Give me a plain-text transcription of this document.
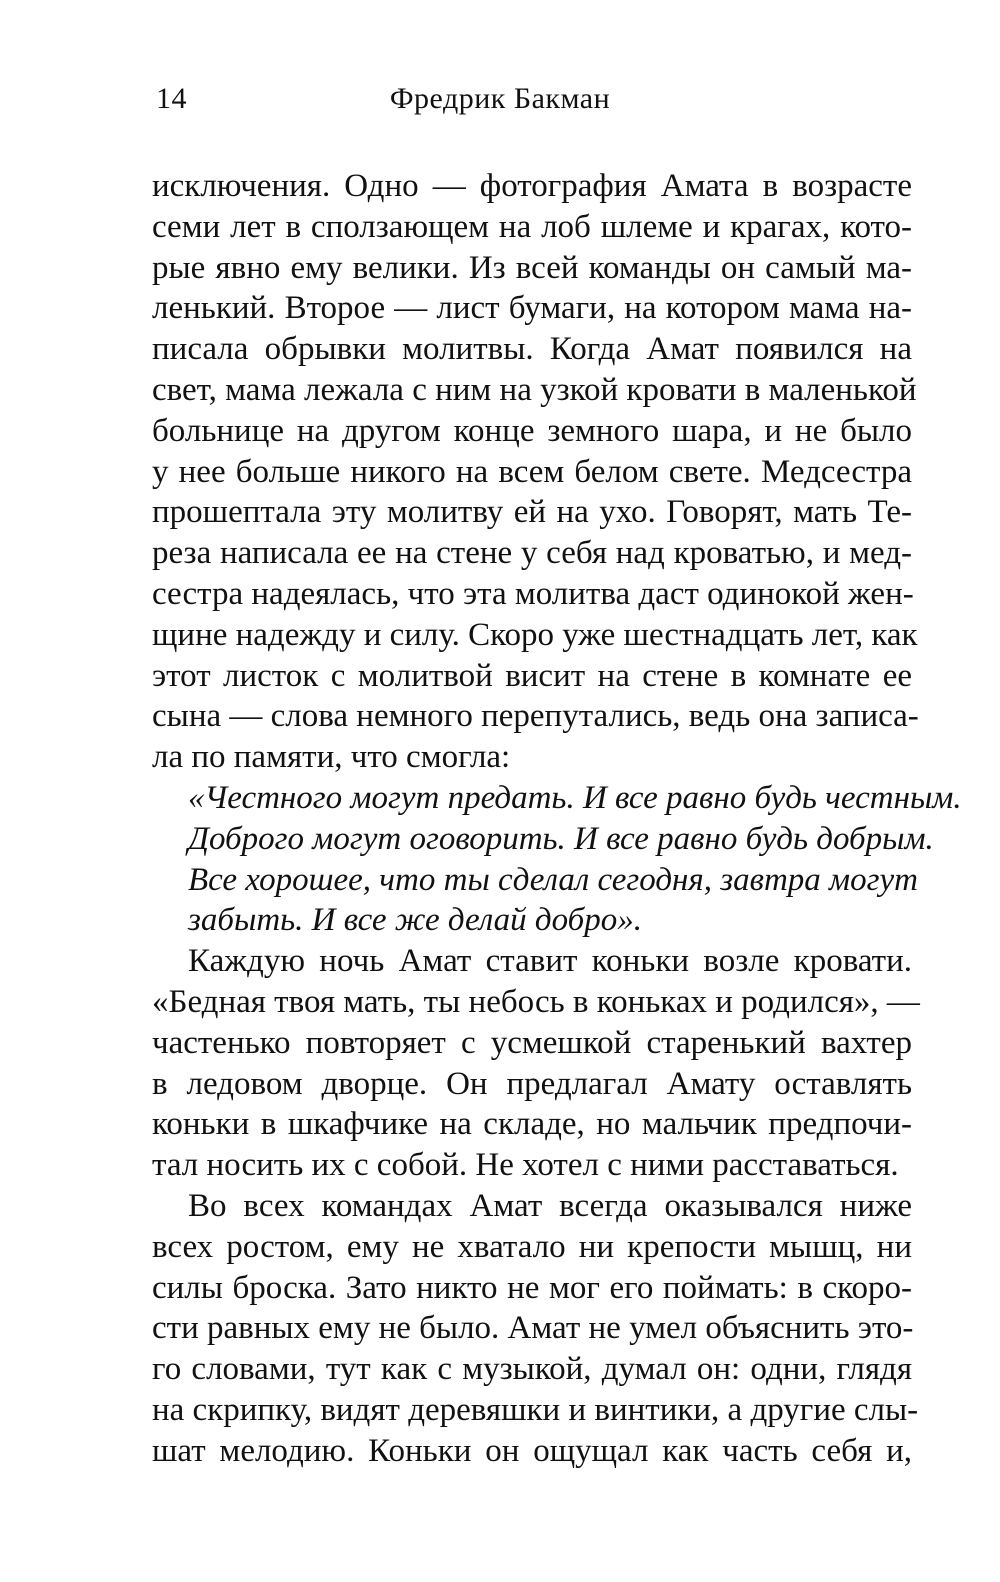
14	Фредрик Бакман
исключения. Одно — фотография Амата в возрасте
семи лет в сползающем на лоб шлеме и крагах, кото-
рые явно ему велики. Из всей команды он самый ма-
ленький. Второе — лист бумаги, на котором мама на-
писала обрывки молитвы. Когда Амат появился на
свет, мама лежала с ним на узкой кровати в маленькой
больнице на другом конце земного шара, и не было
у нее больше никого на всем белом свете. Медсестра
прошептала эту молитву ей на ухо. Говорят, мать Те-
реза написала ее на стене у себя над кроватью, и мед-
сестра надеялась, что эта молитва даст одинокой жен-
щине надежду и силу. Скоро уже шестнадцать лет, как
этот листок с молитвой висит на стене в комнате ее
сына — слова немного перепутались, ведь она записа-
ла по памяти, что смогла:
«Честного могут предать. И все равно будь честным.
Доброго могут оговорить. И все равно будь добрым.
Все хорошее, что ты сделал сегодня, завтра могут
забыть. И все же делай добро».
Каждую ночь Амат ставит коньки возле кровати.
«Бедная твоя мать, ты небось в коньках и родился», —
частенько повторяет с усмешкой старенький вахтер
в ледовом дворце. Он предлагал Амату оставлять
коньки в шкафчике на складе, но мальчик предпочи-
тал носить их с собой. Не хотел с ними расставаться.
Во всех командах Амат всегда оказывался ниже
всех ростом, ему не хватало ни крепости мышц, ни
силы броска. Зато никто не мог его поймать: в скоро-
сти равных ему не было. Амат не умел объяснить это-
го словами, тут как с музыкой, думал он: одни, глядя
на скрипку, видят деревяшки и винтики, а другие слы-
шат мелодию. Коньки он ощущал как часть себя и,
